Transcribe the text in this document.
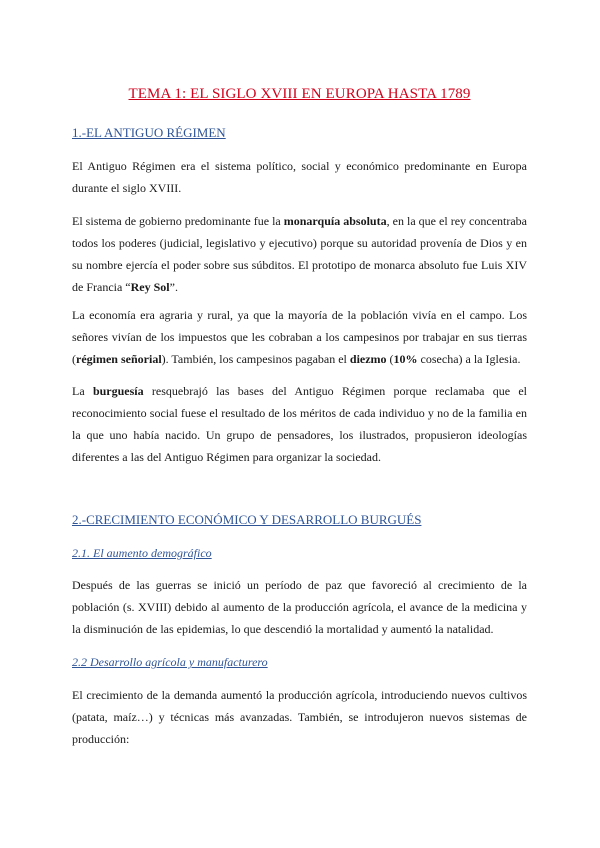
TEMA 1: EL SIGLO XVIII EN EUROPA HASTA 1789
1.-EL ANTIGUO RÉGIMEN

El Antiguo Régimen era el sistema político, social y económico predominante en Europa durante el siglo XVIII.

El sistema de gobierno predominante fue la monarquía absoluta, en la que el rey concentraba todos los poderes (judicial, legislativo y ejecutivo) porque su autoridad provenía de Dios y en su nombre ejercía el poder sobre sus súbditos. El prototipo de monarca absoluto fue Luis XIV de Francia “Rey Sol”.

La economía era agraria y rural, ya que la mayoría de la población vivía en el campo. Los señores vivían de los impuestos que les cobraban a los campesinos por trabajar en sus tierras (régimen señorial). También, los campesinos pagaban el diezmo (10% cosecha) a la Iglesia.

La burguesía resquebrajó las bases del Antiguo Régimen porque reclamaba que el reconocimiento social fuese el resultado de los méritos de cada individuo y no de la familia en la que uno había nacido. Un grupo de pensadores, los ilustrados, propusieron ideologías diferentes a las del Antiguo Régimen para organizar la sociedad.

2.-CRECIMIENTO ECONÓMICO Y DESARROLLO BURGUÉS
2.1. El aumento demográfico

Después de las guerras se inició un período de paz que favoreció al crecimiento de la población (s. XVIII) debido al aumento de la producción agrícola, el avance de la medicina y la disminución de las epidemias, lo que descendió la mortalidad y aumentó la natalidad.

2.2 Desarrollo agrícola y manufacturero

El crecimiento de la demanda aumentó la producción agrícola, introduciendo nuevos cultivos (patata, maíz…) y técnicas más avanzadas. También, se introdujeron nuevos sistemas de producción:
